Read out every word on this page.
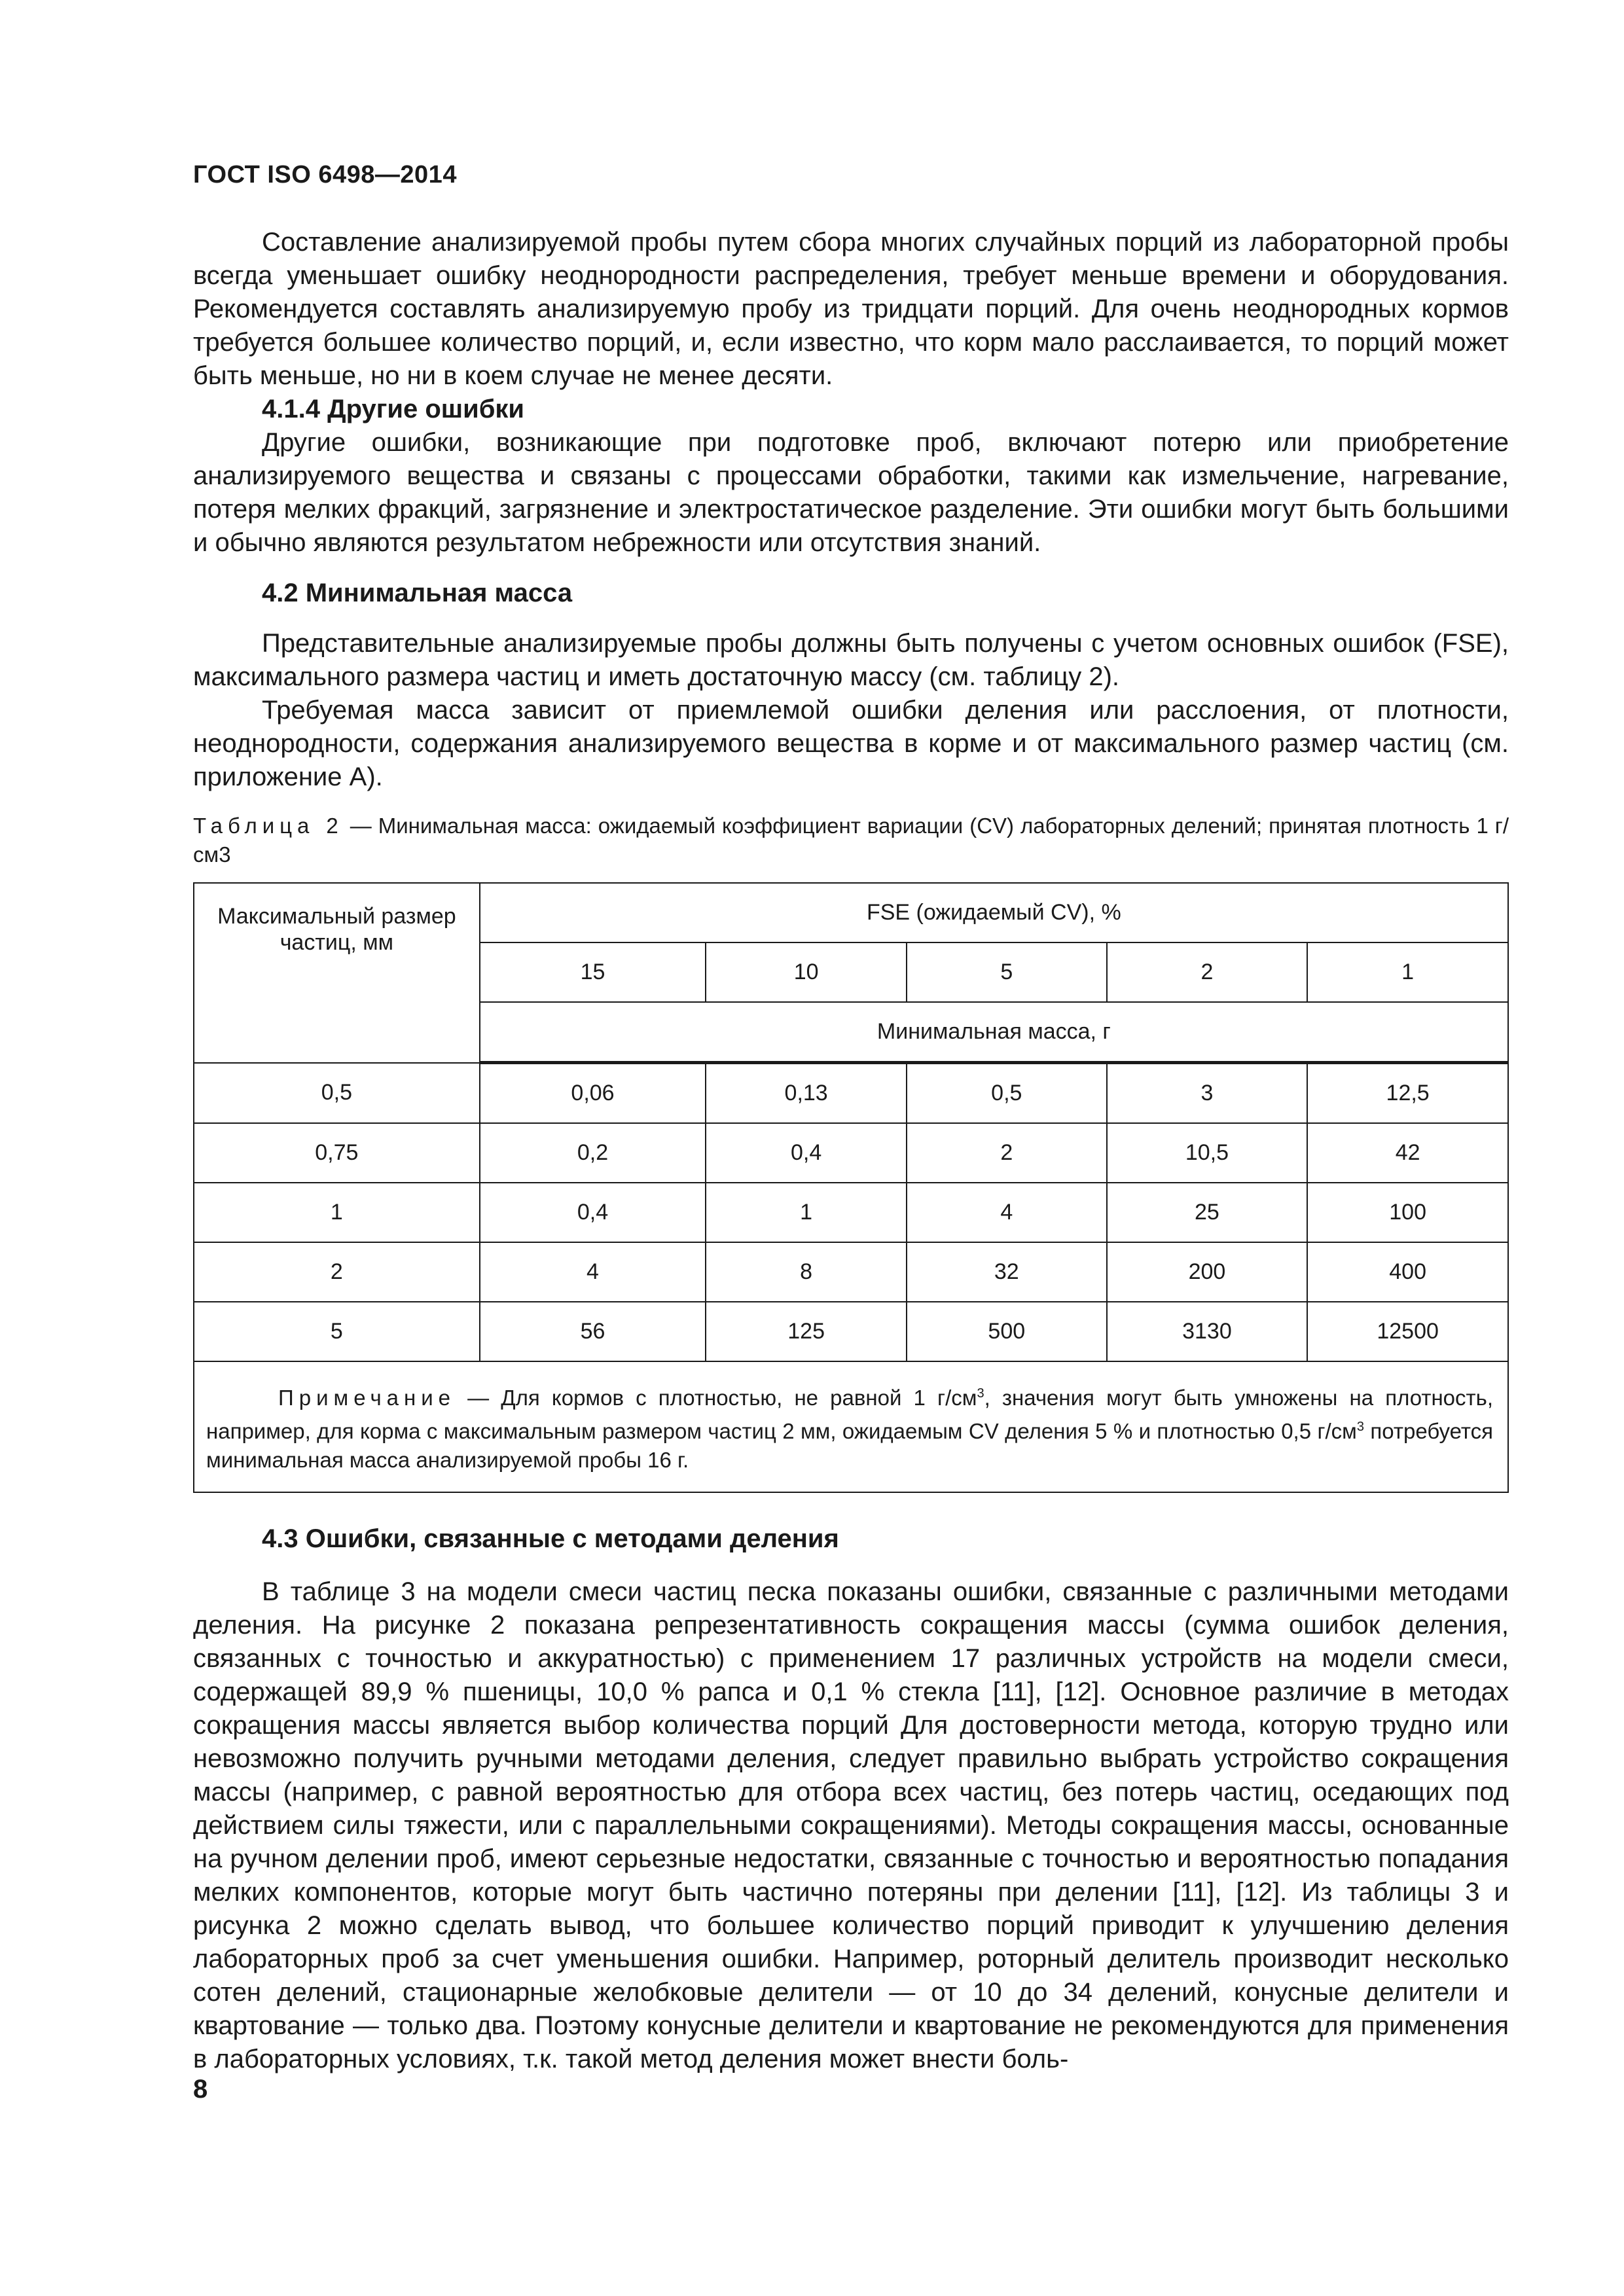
ГОСТ ISO 6498—2014

Составление анализируемой пробы путем сбора многих случайных порций из лабораторной пробы всегда уменьшает ошибку неоднородности распределения, требует меньше времени и оборудования. Рекомендуется составлять анализируемую пробу из тридцати порций. Для очень неоднородных кормов требуется большее количество порций, и, если известно, что корм мало расслаивается, то порций может быть меньше, но ни в коем случае не менее десяти.

4.1.4 Другие ошибки

Другие ошибки, возникающие при подготовке проб, включают потерю или приобретение анализируемого вещества и связаны с процессами обработки, такими как измельчение, нагревание, потеря мелких фракций, загрязнение и электростатическое разделение. Эти ошибки могут быть большими и обычно являются результатом небрежности или отсутствия знаний.

4.2 Минимальная масса

Представительные анализируемые пробы должны быть получены с учетом основных ошибок (FSE), максимального размера частиц и иметь достаточную массу (см. таблицу 2).

Требуемая масса зависит от приемлемой ошибки деления или расслоения, от плотности, неоднородности, содержания анализируемого вещества в корме и от максимального размер частиц (см. приложение А).

Таблица 2 — Минимальная масса: ожидаемый коэффициент вариации (CV) лабораторных делений; принятая плотность 1 г/см3
Максимальный размер частиц, мм	FSE (ожидаемый CV), %				
	15	10	5	2	1
	Минимальная масса, г				
0,5	0,06	0,13	0,5	3	12,5
0,75	0,2	0,4	2	10,5	42
1	0,4	1	4	25	100
2	4	8	32	200	400
5	56	125	500	3130	12500
Примечание — Для кормов с плотностью, не равной 1 $г/см^3$, значения могут быть умножены на плотность, например, для корма с максимальным размером частиц 2 мм, ожидаемым CV деления 5 % и плотностью 0,5 $г/см^3$ потребуется минимальная масса анализируемой пробы 16 г.					
4.3 Ошибки, связанные с методами деления

В таблице 3 на модели смеси частиц песка показаны ошибки, связанные с различными методами деления. На рисунке 2 показана репрезентативность сокращения массы (сумма ошибок деления, связанных с точностью и аккуратностью) с применением 17 различных устройств на модели смеси, содержащей 89,9 % пшеницы, 10,0 % рапса и 0,1 % стекла [11], [12]. Основное различие в методах сокращения массы является выбор количества порций Для достоверности метода, которую трудно или невозможно получить ручными методами деления, следует правильно выбрать устройство сокращения массы (например, с равной вероятностью для отбора всех частиц, без потерь частиц, оседающих под действием силы тяжести, или с параллельными сокращениями). Методы сокращения массы, основанные на ручном делении проб, имеют серьезные недостатки, связанные с точностью и вероятностью попадания мелких компонентов, которые могут быть частично потеряны при делении [11], [12]. Из таблицы 3 и рисунка 2 можно сделать вывод, что большее количество порций приводит к улучшению деления лабораторных проб за счет уменьшения ошибки. Например, роторный делитель производит несколько сотен делений, стационарные желобковые делители — от 10 до 34 делений, конусные делители и квартование — только два. Поэтому конусные делители и квартование не рекомендуются для применения в лабораторных условиях, т.к. такой метод деления может внести боль-

8
